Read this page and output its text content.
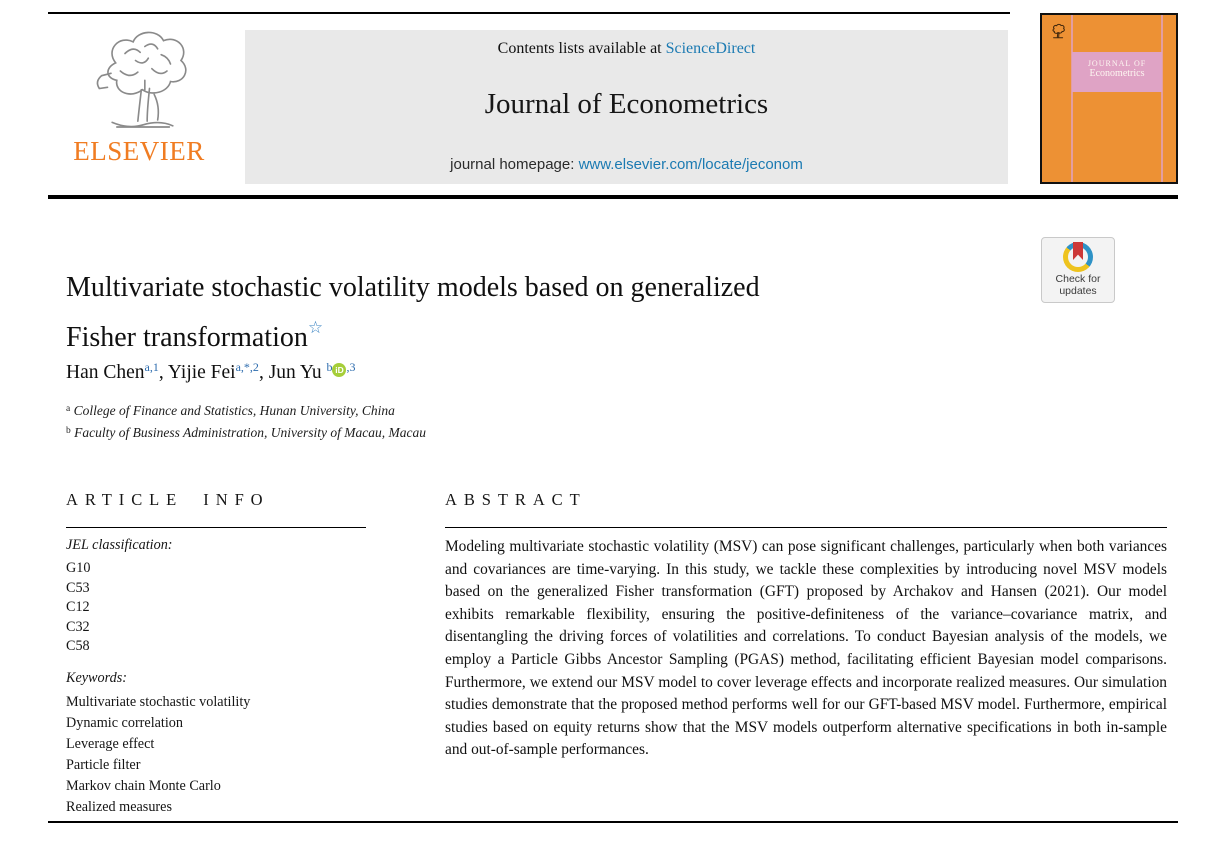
ELSEVIER
Contents lists available at ScienceDirect
Journal of Econometrics
journal homepage: www.elsevier.com/locate/jeconom
JOURNAL OF
Econometrics
Check for
updates
Multivariate stochastic volatility models based on generalized
Fisher transformation☆
Han Chen$^{a,1}$, Yijie Fei$^{a,*,2}$, Jun Yu $^b$ iD $^{,3}$
$^a$ College of Finance and Statistics, Hunan University, China
$^b$ Faculty of Business Administration, University of Macau, Macau
ARTICLE INFO	ABSTRACT
JEL classification:
G10
C53
C12
C32
C58
Keywords:
Multivariate stochastic volatility
Dynamic correlation
Leverage effect
Particle filter
Markov chain Monte Carlo
Realized measures
Modeling multivariate stochastic volatility (MSV) can pose significant challenges, particularly when both variances and covariances are time-varying. In this study, we tackle these complexities by introducing novel MSV models based on the generalized Fisher transformation (GFT) proposed by Archakov and Hansen (2021). Our model exhibits remarkable flexibility, ensuring the positive-definiteness of the variance–covariance matrix, and disentangling the driving forces of volatilities and correlations. To conduct Bayesian analysis of the models, we employ a Particle Gibbs Ancestor Sampling (PGAS) method, facilitating efficient Bayesian model comparisons. Furthermore, we extend our MSV model to cover leverage effects and incorporate realized measures. Our simulation studies demonstrate that the proposed method performs well for our GFT-based MSV model. Furthermore, empirical studies based on equity returns show that the MSV models outperform alternative specifications in both in-sample and out-of-sample performances.
